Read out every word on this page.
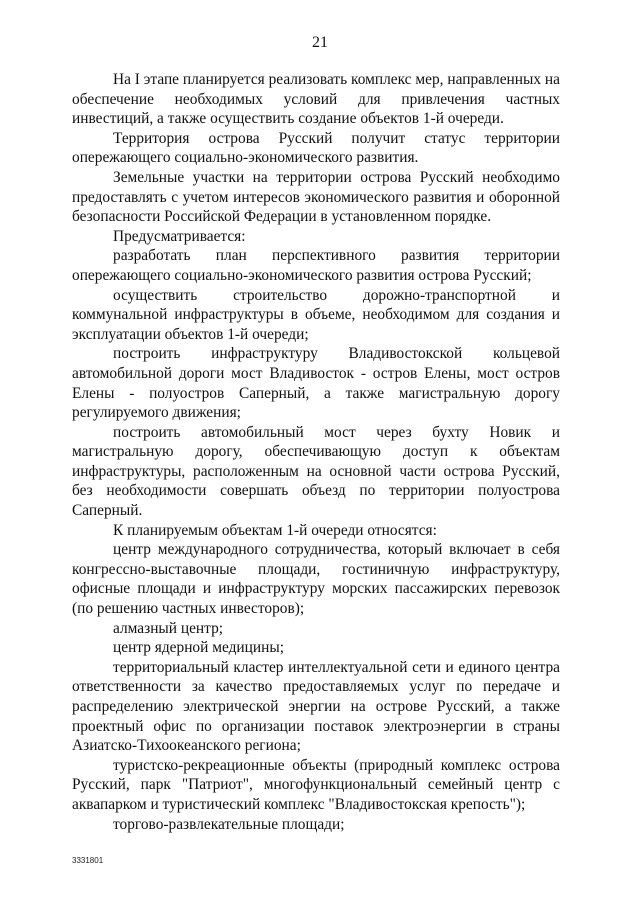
21

На I этапе планируется реализовать комплекс мер, направленных на обеспечение необходимых условий для привлечения частных инвестиций, а также осуществить создание объектов 1-й очереди.

Территория острова Русский получит статус территории опережающего социально-экономического развития.

Земельные участки на территории острова Русский необходимо предоставлять с учетом интересов экономического развития и оборонной безопасности Российской Федерации в установленном порядке.

Предусматривается:

разработать план перспективного развития территории опережающего социально-экономического развития острова Русский;

осуществить строительство дорожно-транспортной и коммунальной инфраструктуры в объеме, необходимом для создания и эксплуатации объектов 1-й очереди;

построить инфраструктуру Владивостокской кольцевой автомобильной дороги мост Владивосток - остров Елены, мост остров Елены - полуостров Саперный, а также магистральную дорогу регулируемого движения;

построить автомобильный мост через бухту Новик и магистральную дорогу, обеспечивающую доступ к объектам инфраструктуры, расположенным на основной части острова Русский, без необходимости совершать объезд по территории полуострова Саперный.

К планируемым объектам 1-й очереди относятся:

центр международного сотрудничества, который включает в себя конгрессно-выставочные площади, гостиничную инфраструктуру, офисные площади и инфраструктуру морских пассажирских перевозок (по решению частных инвесторов);

алмазный центр;

центр ядерной медицины;

территориальный кластер интеллектуальной сети и единого центра ответственности за качество предоставляемых услуг по передаче и распределению электрической энергии на острове Русский, а также проектный офис по организации поставок электроэнергии в страны Азиатско-Тихоокеанского региона;

туристско-рекреационные объекты (природный комплекс острова Русский, парк "Патриот", многофункциональный семейный центр с аквапарком и туристический комплекс "Владивостокская крепость");

торгово-развлекательные площади;

3331801
